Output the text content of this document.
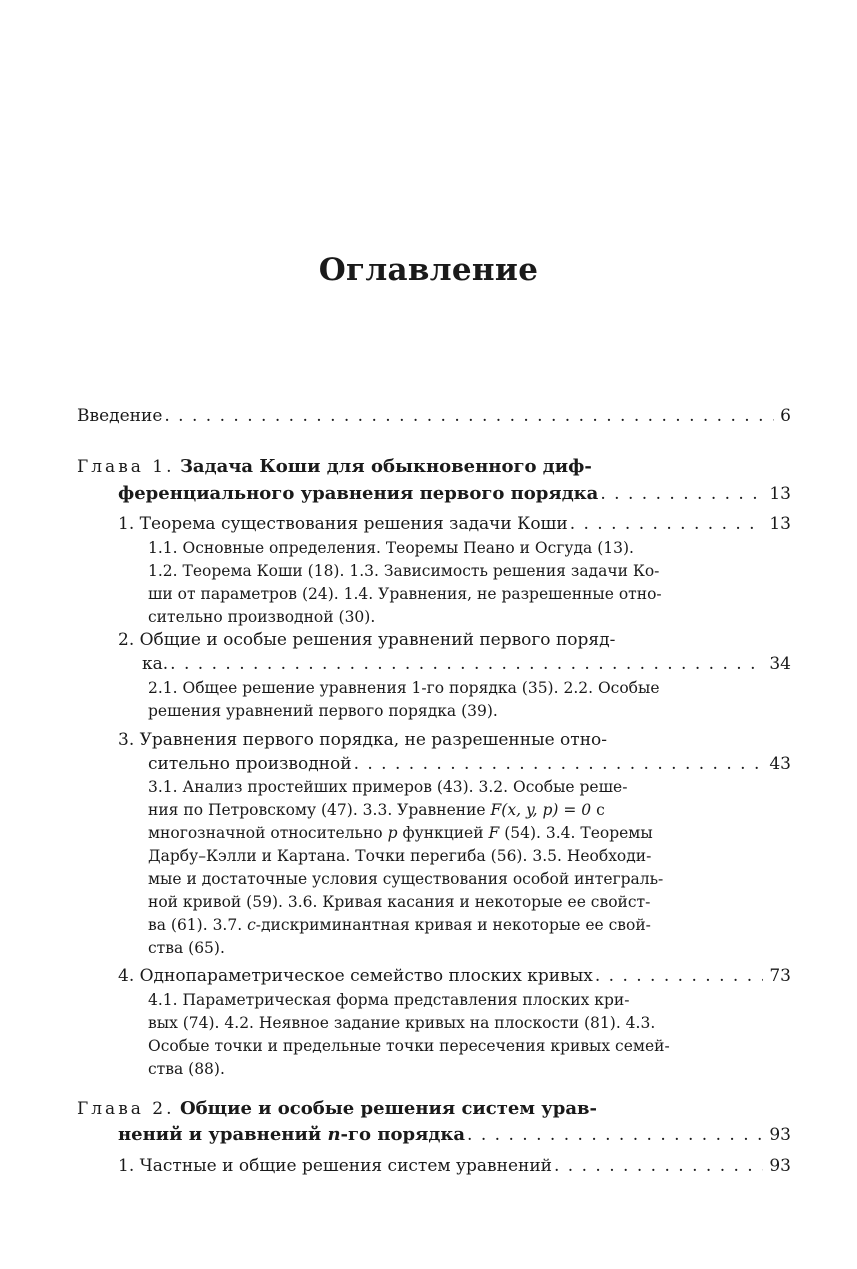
Оглавление
Введение . . .	6
Глава 1. Задача Коши для обыкновенного диф-
ференциального уравнения первого порядка . . .	13
1. Теорема существования решения задачи Коши . . .	13
1.1. Основные определения. Теоремы Пеано и Осгуда (13).
1.2. Теорема Коши (18). 1.3. Зависимость решения задачи Ко-
ши от параметров (24). 1.4. Уравнения, не разрешенные отно-
сительно производной (30).
2. Общие и особые решения уравнений первого поряд-
ка. . . .	34
2.1. Общее решение уравнения 1-го порядка (35). 2.2. Особые
решения уравнений первого порядка (39).
3. Уравнения первого порядка, не разрешенные отно-
сительно производной . . .	43
3.1. Анализ простейших примеров (43). 3.2. Особые реше-
ния по Петровскому (47). 3.3. Уравнение F(x, y, p) = 0 с
многозначной относительно p функцией F (54). 3.4. Теоремы
Дарбу–Кэлли и Картана. Точки перегиба (56). 3.5. Необходи-
мые и достаточные условия существования особой интеграль-
ной кривой (59). 3.6. Кривая касания и некоторые ее свойст-
ва (61). 3.7. c-дискриминантная кривая и некоторые ее свой-
ства (65).
4. Однопараметрическое семейство плоских кривых . . .	73
4.1. Параметрическая форма представления плоских кри-
вых (74). 4.2. Неявное задание кривых на плоскости (81). 4.3.
Особые точки и предельные точки пересечения кривых семей-
ства (88).
Глава 2. Общие и особые решения систем урав-
нений и уравнений n-го порядка . . .	93
1. Частные и общие решения систем уравнений . . .	93
